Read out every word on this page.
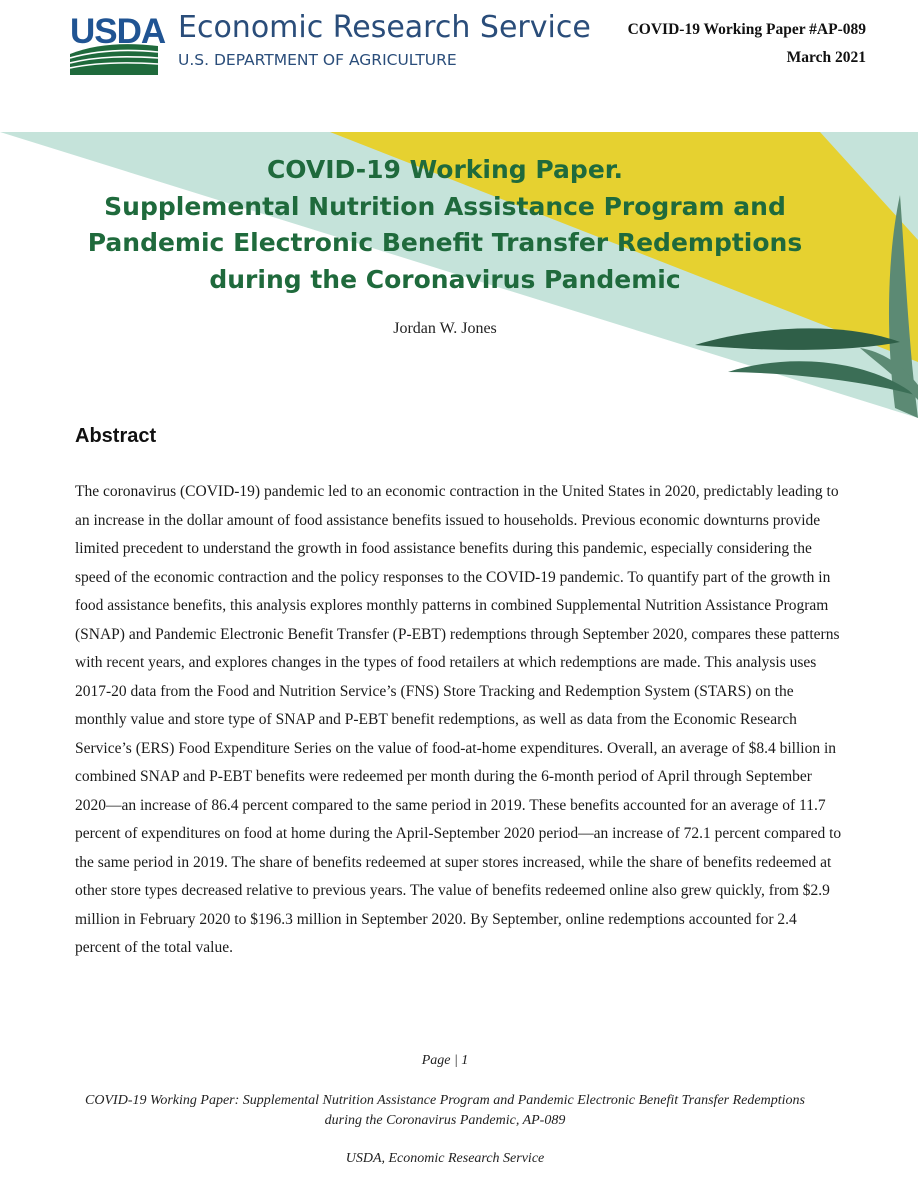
USDA Economic Research Service
U.S. DEPARTMENT OF AGRICULTURE
COVID-19 Working Paper #AP-089
March 2021
COVID-19 Working Paper.
Supplemental Nutrition Assistance Program and
Pandemic Electronic Benefit Transfer Redemptions
during the Coronavirus Pandemic
Jordan W. Jones
Abstract

The coronavirus (COVID-19) pandemic led to an economic contraction in the United States in 2020, predictably leading to an increase in the dollar amount of food assistance benefits issued to households. Previous economic downturns provide limited precedent to understand the growth in food assistance benefits during this pandemic, especially considering the speed of the economic contraction and the policy responses to the COVID-19 pandemic. To quantify part of the growth in food assistance benefits, this analysis explores monthly patterns in combined Supplemental Nutrition Assistance Program (SNAP) and Pandemic Electronic Benefit Transfer (P-EBT) redemptions through September 2020, compares these patterns with recent years, and explores changes in the types of food retailers at which redemptions are made. This analysis uses 2017-20 data from the Food and Nutrition Service’s (FNS) Store Tracking and Redemption System (STARS) on the monthly value and store type of SNAP and P-EBT benefit redemptions, as well as data from the Economic Research Service’s (ERS) Food Expenditure Series on the value of food-at-home expenditures. Overall, an average of $8.4 billion in combined SNAP and P-EBT benefits were redeemed per month during the 6-month period of April through September 2020—an increase of 86.4 percent compared to the same period in 2019. These benefits accounted for an average of 11.7 percent of expenditures on food at home during the April-September 2020 period—an increase of 72.1 percent compared to the same period in 2019. The share of benefits redeemed at super stores increased, while the share of benefits redeemed at other store types decreased relative to previous years. The value of benefits redeemed online also grew quickly, from $2.9 million in February 2020 to $196.3 million in September 2020. By September, online redemptions accounted for 2.4 percent of the total value.

Page | 1
COVID-19 Working Paper: Supplemental Nutrition Assistance Program and Pandemic Electronic Benefit Transfer Redemptions during the Coronavirus Pandemic, AP-089
USDA, Economic Research Service
